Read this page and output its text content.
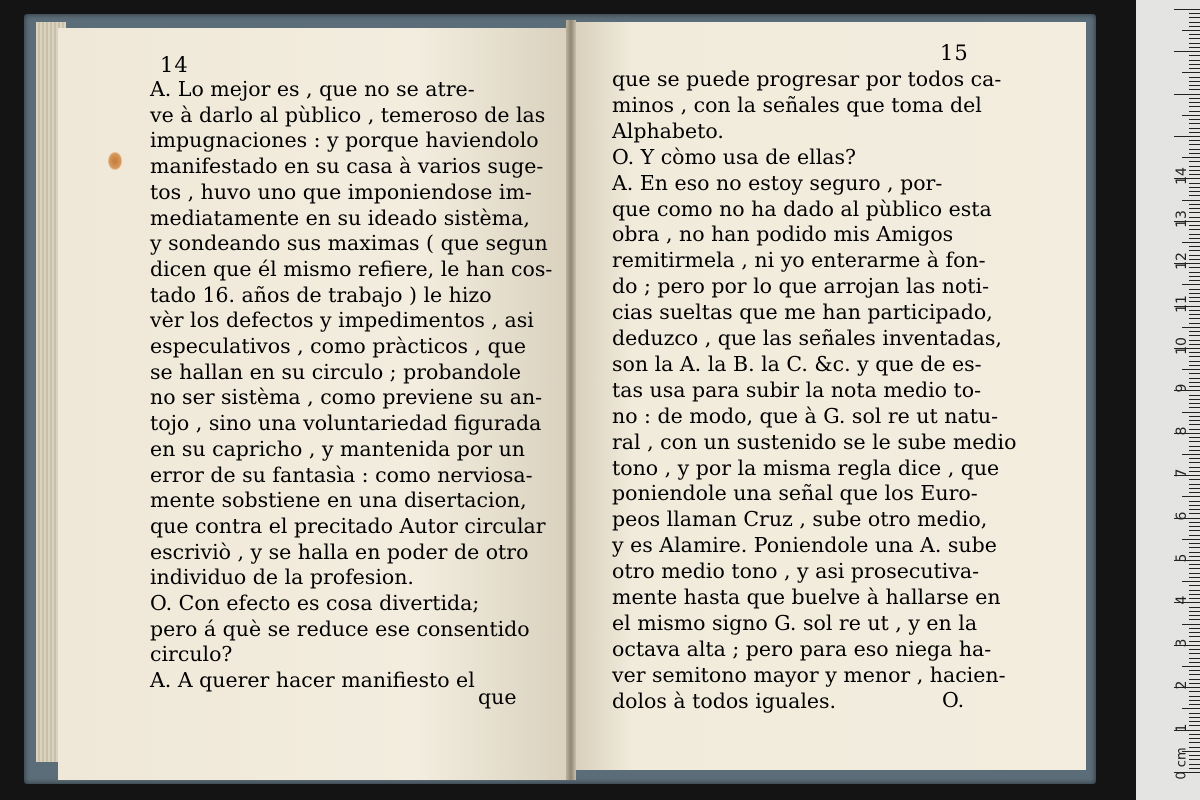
14	15
A. Lo mejor es , que no se atre-
ve à darlo al pùblico , temeroso de las
impugnaciones : y porque haviendolo
manifestado en su casa à varios suge-
tos , huvo uno que imponiendose im-
mediatamente en su ideado sistèma,
y sondeando sus maximas ( que segun
dicen que él mismo refiere, le han cos-
tado 16. años de trabajo ) le hizo
vèr los defectos y impedimentos , asi
especulativos , como pràcticos , que
se hallan en su circulo ; probandole
no ser sistèma , como previene su an-
tojo , sino una voluntariedad figurada
en su capricho , y mantenida por un
error de su fantasìa : como nerviosa-
mente sobstiene en una disertacion,
que contra el precitado Autor circular
escriviò , y se halla en poder de otro
individuo de la profesion.
O. Con efecto es cosa divertida;
pero á què se reduce ese consentido
circulo?
A. A querer hacer manifiesto el
que
que se puede progresar por todos ca-
minos , con la señales que toma del
Alphabeto.
O. Y còmo usa de ellas?
A. En eso no estoy seguro , por-
que como no ha dado al pùblico esta
obra , no han podido mis Amigos
remitirmela , ni yo enterarme à fon-
do ; pero por lo que arrojan las noti-
cias sueltas que me han participado,
deduzco , que las señales inventadas,
son la A. la B. la C. &c. y que de es-
tas usa para subir la nota medio to-
no : de modo, que à G. sol re ut natu-
ral , con un sustenido se le sube medio
tono , y por la misma regla dice , que
poniendole una señal que los Euro-
peos llaman Cruz , sube otro medio,
y es Alamire. Poniendole una A. sube
otro medio tono , y asi prosecutiva-
mente hasta que buelve à hallarse en
el mismo signo G. sol re ut , y en la
octava alta ; pero para eso niega ha-
ver semitono mayor y menor , hacien-
dolos à todos iguales.	O.
1
2
3
4
5
6
7
8
9
10
11
12
13
14
0 cm
